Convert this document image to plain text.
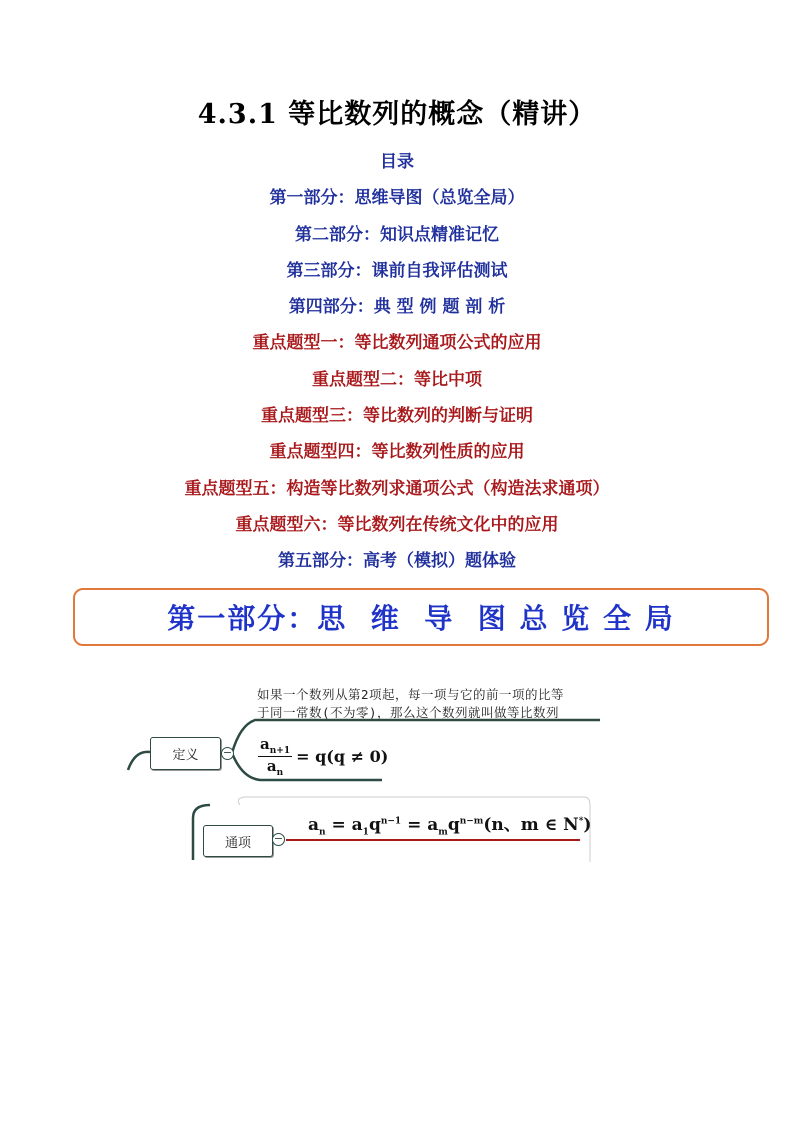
4.3.1 等比数列的概念（精讲）
目录
第一部分：思维导图（总览全局）
第二部分：知识点精准记忆
第三部分：课前自我评估测试
第四部分：典 型 例 题 剖 析
重点题型一：等比数列通项公式的应用
重点题型二：等比中项
重点题型三：等比数列的判断与证明
重点题型四：等比数列性质的应用
重点题型五：构造等比数列求通项公式（构造法求通项）
重点题型六：等比数列在传统文化中的应用
第五部分：高考（模拟）题体验
第一部分：思  维  导  图 总 览 全 局
如果一个数列从第2项起，每一项与它的前一项的比等
于同一常数(不为零)，那么这个数列就叫做等比数列
定义	− $\frac{a_{n+1}}{a_n} = q(q \ne 0)$
通项	−
$a_n = a_1q^{n-1} = a_mq^{n-m}(n$、m ∈ N*)
